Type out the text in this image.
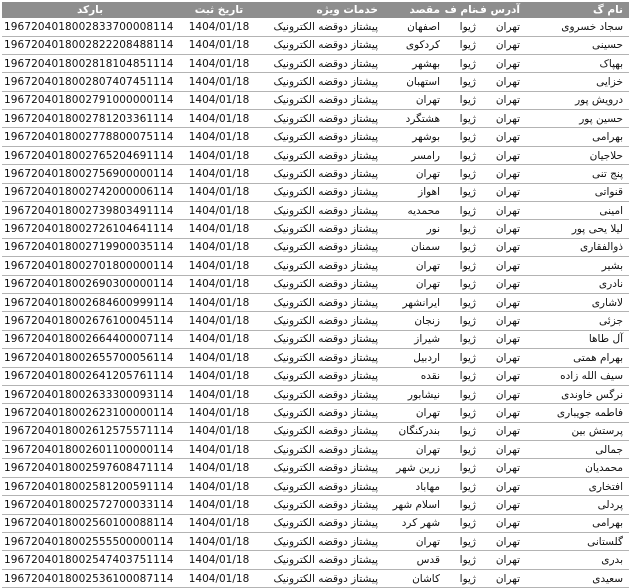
بارکد	تاریخ ثبت	خدمات ویژه	مقصد	نام ف	آدرس ف	نام گ
1967204018002833700008114	1404/01/18	پیشتاز دوقضه الکترونیک	اصفهان	ژیوا	تهران	سجاد خسروی
1967204018002822208488114	1404/01/18	پیشتاز دوقضه الکترونیک	کردکوی	ژیوا	تهران	حسینی
1967204018002818104851114	1404/01/18	پیشتاز دوقضه الکترونیک	بهشهر	ژیوا	تهران	بهپاک
1967204018002807407451114	1404/01/18	پیشتاز دوقضه الکترونیک	استهبان	ژیوا	تهران	خزایی
1967204018002791000000114	1404/01/18	پیشتاز دوقضه الکترونیک	تهران	ژیوا	تهران	درویش پور
1967204018002781203361114	1404/01/18	پیشتاز دوقضه الکترونیک	هشتگرد	ژیوا	تهران	حسین پور
1967204018002778800075114	1404/01/18	پیشتاز دوقضه الکترونیک	بوشهر	ژیوا	تهران	بهرامی
1967204018002765204691114	1404/01/18	پیشتاز دوقضه الکترونیک	رامسر	ژیوا	تهران	حلاجیان
1967204018002756900000114	1404/01/18	پیشتاز دوقضه الکترونیک	تهران	ژیوا	تهران	پنج تنی
1967204018002742000006114	1404/01/18	پیشتاز دوقضه الکترونیک	اهواز	ژیوا	تهران	قنواتی
1967204018002739803491114	1404/01/18	پیشتاز دوقضه الکترونیک	محمدیه	ژیوا	تهران	امینی
1967204018002726104641114	1404/01/18	پیشتاز دوقضه الکترونیک	نور	ژیوا	تهران	لیلا یحی پور
1967204018002719900035114	1404/01/18	پیشتاز دوقضه الکترونیک	سمنان	ژیوا	تهران	ذوالفقاری
1967204018002701800000114	1404/01/18	پیشتاز دوقضه الکترونیک	تهران	ژیوا	تهران	بشیر
1967204018002690300000114	1404/01/18	پیشتاز دوقضه الکترونیک	تهران	ژیوا	تهران	نادری
1967204018002684600999114	1404/01/18	پیشتاز دوقضه الکترونیک	ایرانشهر	ژیوا	تهران	لاشاری
1967204018002676100045114	1404/01/18	پیشتاز دوقضه الکترونیک	زنجان	ژیوا	تهران	جزئی
1967204018002664400007114	1404/01/18	پیشتاز دوقضه الکترونیک	شیراز	ژیوا	تهران	آل طاها
1967204018002655700056114	1404/01/18	پیشتاز دوقضه الکترونیک	اردبیل	ژیوا	تهران	بهرام همتی
1967204018002641205761114	1404/01/18	پیشتاز دوقضه الکترونیک	نقده	ژیوا	تهران	سیف الله زاده
1967204018002633300093114	1404/01/18	پیشتاز دوقضه الکترونیک	نیشابور	ژیوا	تهران	نرگس خاوندی
1967204018002623100000114	1404/01/18	پیشتاز دوقضه الکترونیک	تهران	ژیوا	تهران	فاطمه جویباری
1967204018002612575571114	1404/01/18	پیشتاز دوقضه الکترونیک	بندرکنگان	ژیوا	تهران	پرستش بین
1967204018002601100000114	1404/01/18	پیشتاز دوقضه الکترونیک	تهران	ژیوا	تهران	جمالی
1967204018002597608471114	1404/01/18	پیشتاز دوقضه الکترونیک	زرین شهر	ژیوا	تهران	محمدیان
1967204018002581200591114	1404/01/18	پیشتاز دوقضه الکترونیک	مهاباد	ژیوا	تهران	افتخاری
1967204018002572700033114	1404/01/18	پیشتاز دوقضه الکترونیک	اسلام شهر	ژیوا	تهران	پردلی
1967204018002560100088114	1404/01/18	پیشتاز دوقضه الکترونیک	شهر کرد	ژیوا	تهران	بهرامی
1967204018002555500000114	1404/01/18	پیشتاز دوقضه الکترونیک	تهران	ژیوا	تهران	گلستانی
1967204018002547403751114	1404/01/18	پیشتاز دوقضه الکترونیک	قدس	ژیوا	تهران	بدری
1967204018002536100087114	1404/01/18	پیشتاز دوقضه الکترونیک	کاشان	ژیوا	تهران	سعیدی
